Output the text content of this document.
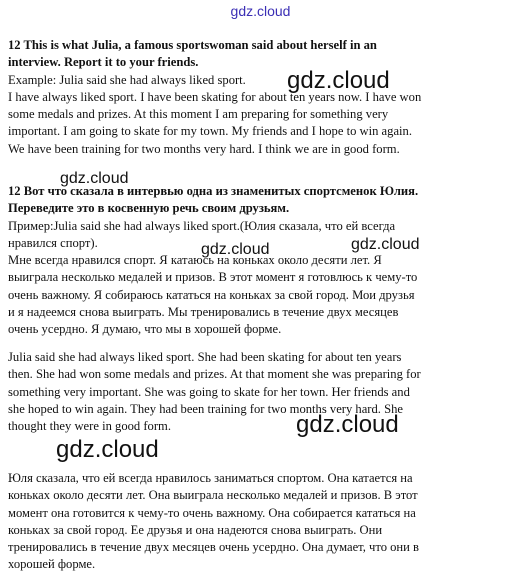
gdz.cloud
12 This is what Julia, a famous sportswoman said about herself in an
interview. Report it to your friends.
Example: Julia said she had always liked sport.
I have always liked sport. I have been skating for about ten years now. I have won
some medals and prizes. At this moment I am preparing for something very
important. I am going to skate for my town. My friends and I hope to win again.
We have been training for two months very hard. I think we are in good form.
12 Вот что сказала в интервью одна из знаменитых спортсменок Юлия.
Переведите это в косвенную речь своим друзьям.
Пример:Julia said she had always liked sport.(Юлия сказала, что ей всегда
нравился спорт).
Мне всегда нравился спорт. Я катаюсь на коньках около десяти лет. Я
выиграла несколько медалей и призов. В этот момент я готовлюсь к чему-то
очень важному. Я собираюсь кататься на коньках за свой город. Мои друзья
и я надеемся снова выиграть. Мы тренировались в течение двух месяцев
очень усердно. Я думаю, что мы в хорошей форме.
Julia said she had always liked sport. She had been skating for about ten years
then. She had won some medals and prizes. At that moment she was preparing for
something very important. She was going to skate for her town. Her friends and
she hoped to win again. They had been training for two months very hard. She
thought they were in good form.
Юля сказала, что ей всегда нравилось заниматься спортом. Она катается на
коньках около десяти лет. Она выиграла несколько медалей и призов. В этот
момент она готовится к чему-то очень важному. Она собирается кататься на
коньках за свой город. Ее друзья и она надеются снова выиграть. Они
тренировались в течение двух месяцев очень усердно. Она думает, что они в
хорошей форме.
gdz.cloud
gdz.cloud
gdz.cloud	gdz.cloud
gdz.cloud
gdz.cloud
